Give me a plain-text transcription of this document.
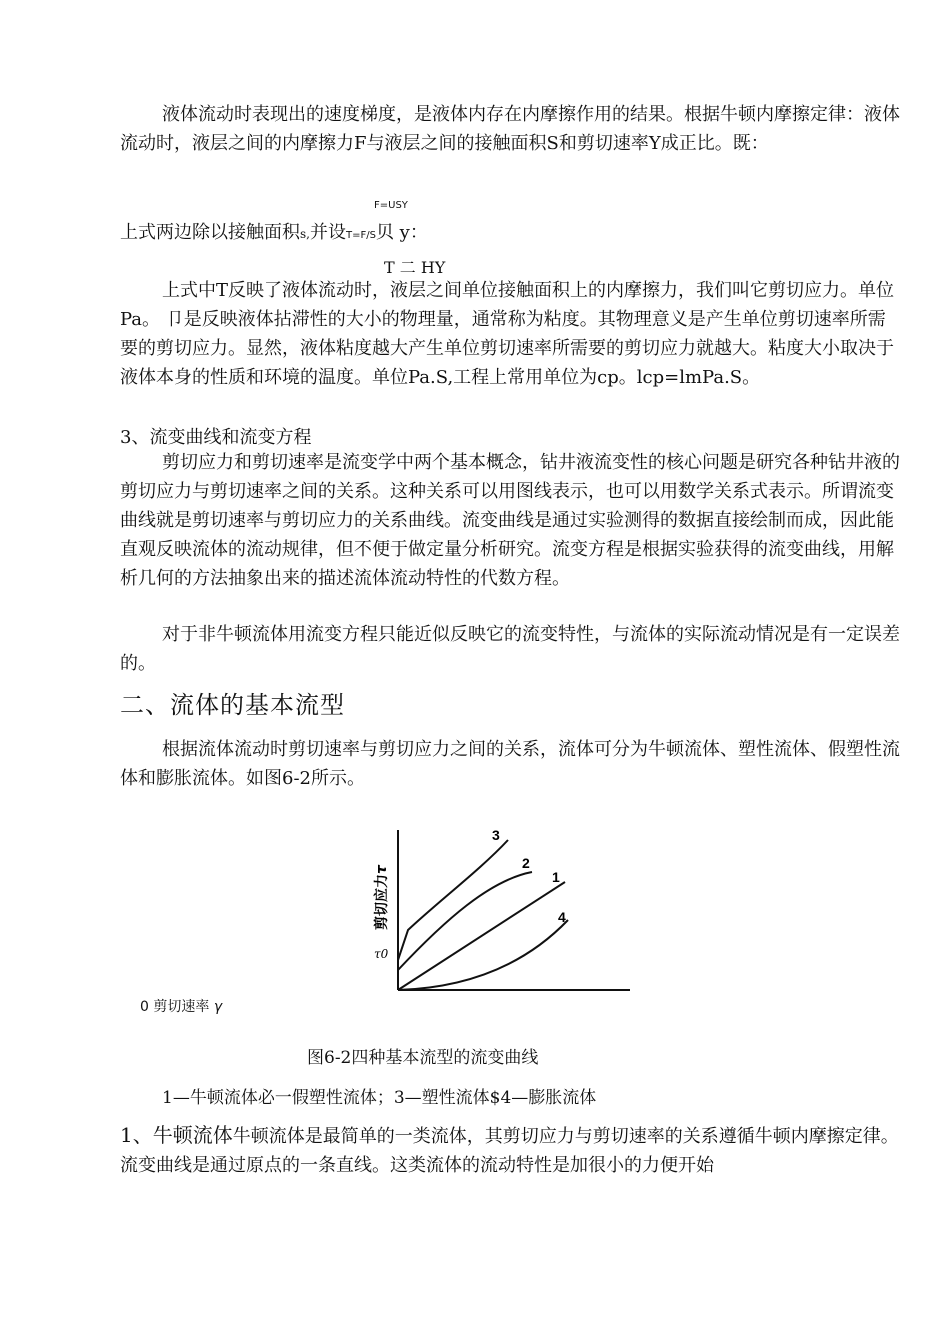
液体流动时表现出的速度梯度，是液体内存在内摩擦作用的结果。根据牛顿内摩擦定律：液体流动时，液层之间的内摩擦力F与液层之间的接触面积S和剪切速率Y成正比。既：

F=USY
上式两边除以接触面积s,并设T=F/S贝 y：
T 二 HY

上式中T反映了液体流动时，液层之间单位接触面积上的内摩擦力，我们叫它剪切应力。单位Pa。 卩是反映液体拈滞性的大小的物理量，通常称为粘度。其物理意义是产生单位剪切速率所需要的剪切应力。显然，液体粘度越大产生单位剪切速率所需要的剪切应力就越大。粘度大小取决于液体本身的性质和环境的温度。单位Pa.S,工程上常用单位为cp。lcp=lmPa.S。

3、流变曲线和流变方程

剪切应力和剪切速率是流变学中两个基本概念，钻井液流变性的核心问题是研究各种钻井液的剪切应力与剪切速率之间的关系。这种关系可以用图线表示，也可以用数学关系式表示。所谓流变曲线就是剪切速率与剪切应力的关系曲线。流变曲线是通过实验测得的数据直接绘制而成，因此能直观反映流体的流动规律，但不便于做定量分析研究。流变方程是根据实验获得的流变曲线，用解析几何的方法抽象出来的描述流体流动特性的代数方程。

对于非牛顿流体用流变方程只能近似反映它的流变特性，与流体的实际流动情况是有一定误差的。

二、流体的基本流型

根据流体流动时剪切速率与剪切应力之间的关系，流体可分为牛顿流体、塑性流体、假塑性流体和膨胀流体。如图6-2所示。

3
2
1
4
τ0
剪切应力τ
0 剪切速率 γ
图6-2四种基本流型的流变曲线
1—牛顿流体必一假塑性流体；3—塑性流体$4—膨胀流体

1、牛顿流体牛顿流体是最简单的一类流体，其剪切应力与剪切速率的关系遵循牛顿内摩擦定律。流变曲线是通过原点的一条直线。这类流体的流动特性是加很小的力便开始
